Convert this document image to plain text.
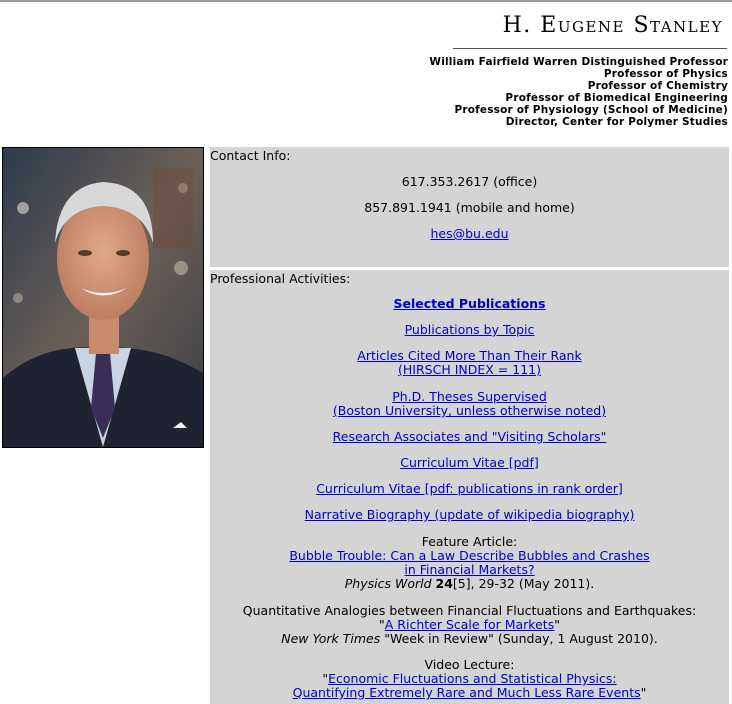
H. Eugene Stanley
William Fairfield Warren Distinguished Professor
Professor of Physics
Professor of Chemistry
Professor of Biomedical Engineering
Professor of Physiology (School of Medicine)
Director, Center for Polymer Studies
Contact Info:
617.353.2617 (office)
857.891.1941 (mobile and home)
hes@bu.edu
Professional Activities:
Selected Publications
Publications by Topic
Articles Cited More Than Their Rank
(HIRSCH INDEX = 111)
Ph.D. Theses Supervised
(Boston University, unless otherwise noted)
Research Associates and "Visiting Scholars"
Curriculum Vitae [pdf]
Curriculum Vitae [pdf: publications in rank order]
Narrative Biography (update of wikipedia biography)
Feature Article:
Bubble Trouble: Can a Law Describe Bubbles and Crashes
in Financial Markets?
Physics World 24[5], 29-32 (May 2011).
Quantitative Analogies between Financial Fluctuations and Earthquakes:
"A Richter Scale for Markets"
New York Times "Week in Review" (Sunday, 1 August 2010).
Video Lecture:
"Economic Fluctuations and Statistical Physics:
Quantifying Extremely Rare and Much Less Rare Events"
